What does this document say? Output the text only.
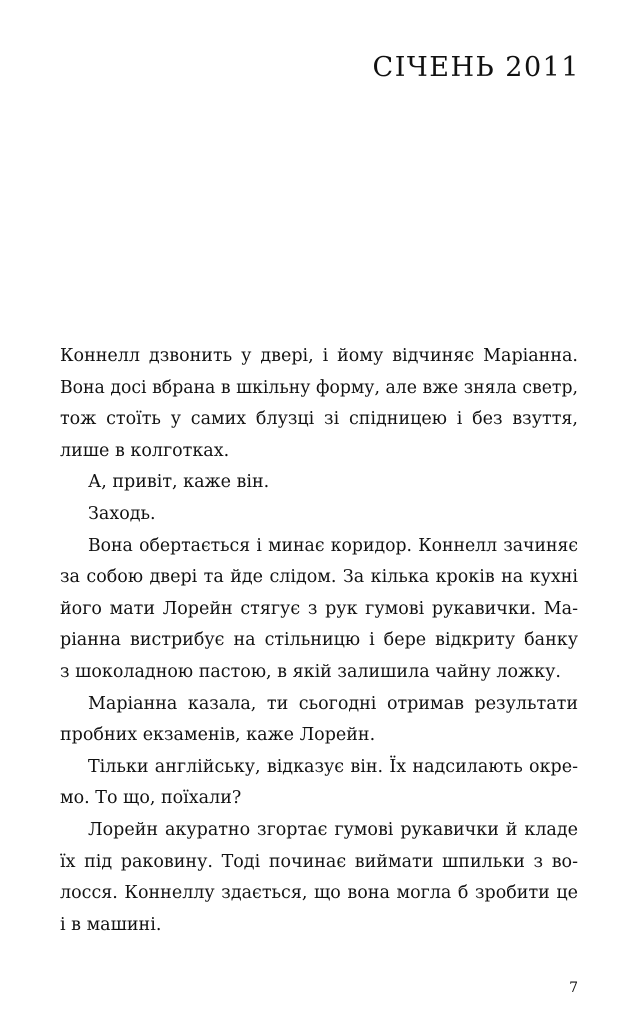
СІЧЕНЬ 2011
Коннелл дзвонить у двері, і йому відчиняє Маріанна.
Вона досі вбрана в шкільну форму, але вже зняла светр,
тож стоїть у самих блузці зі спідницею і без взуття,
лише в колготках.
А, привіт, каже він.
Заходь.
Вона обертається і минає коридор. Коннелл зачиняє
за собою двері та йде слідом. За кілька кроків на кухні
його мати Лорейн стягує з рук гумові рукавички. Ма-
ріанна вистрибує на стільницю і бере відкриту банку
з шоколадною пастою, в якій залишила чайну ложку.
Маріанна казала, ти сьогодні отримав результати
пробних екзаменів, каже Лорейн.
Тільки англійську, відказує він. Їх надсилають окре-
мо. То що, поїхали?
Лорейн акуратно згортає гумові рукавички й кладе
їх під раковину. Тоді починає виймати шпильки з во-
лосся. Коннеллу здається, що вона могла б зробити це
і в машині.
7
